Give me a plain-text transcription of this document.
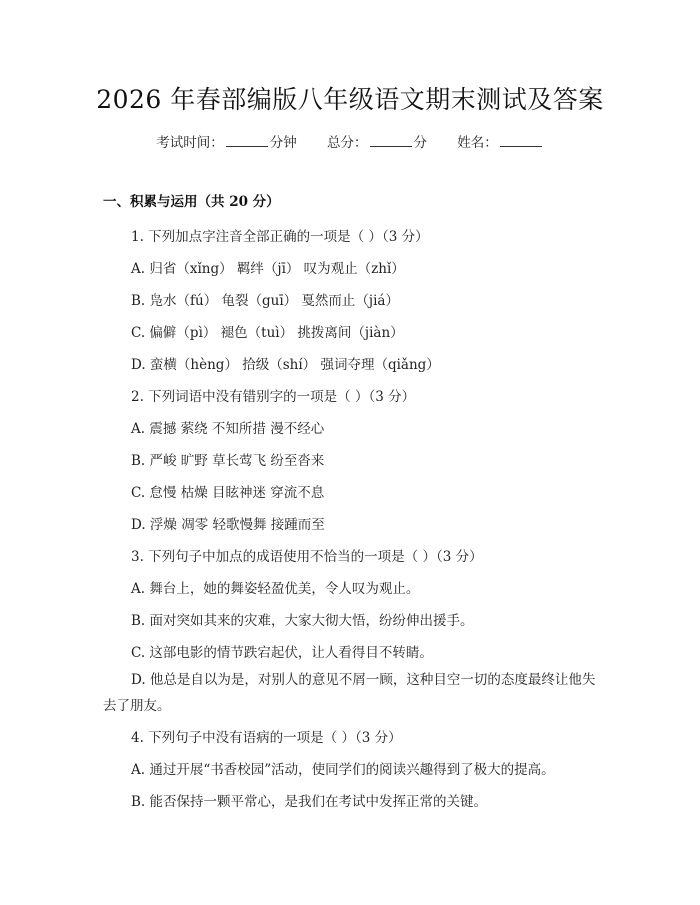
2026 年春部编版八年级语文期末测试及答案
考试时间：	分钟 总分：	分 姓名：
一、积累与运用（共 20 分）
1. 下列加点字注音全部正确的一项是（ ）（3 分）
A. 归省（xǐng） 羁绊（jī） 叹为观止（zhǐ）
B. 凫水（fú） 龟裂（guī） 戛然而止（jiá）
C. 偏僻（pì） 褪色（tuì） 挑拨离间（jiàn）
D. 蛮横（hèng） 拾级（shí） 强词夺理（qiǎng）
2. 下列词语中没有错别字的一项是（ ）（3 分）
A. 震撼 萦绕 不知所措 漫不经心
B. 严峻 旷野 草长莺飞 纷至沓来
C. 怠慢 枯燥 目眩神迷 穿流不息
D. 浮燥 凋零 轻歌慢舞 接踵而至
3. 下列句子中加点的成语使用不恰当的一项是（ ）（3 分）
A. 舞台上，她的舞姿轻盈优美，令人叹为观止。
B. 面对突如其来的灾难，大家大彻大悟，纷纷伸出援手。
C. 这部电影的情节跌宕起伏，让人看得目不转睛。
D. 他总是自以为是，对别人的意见不屑一顾，这种目空一切的态度最终让他失去了朋友。
4. 下列句子中没有语病的一项是（ ）（3 分）
A. 通过开展“书香校园”活动，使同学们的阅读兴趣得到了极大的提高。
B. 能否保持一颗平常心，是我们在考试中发挥正常的关键。
